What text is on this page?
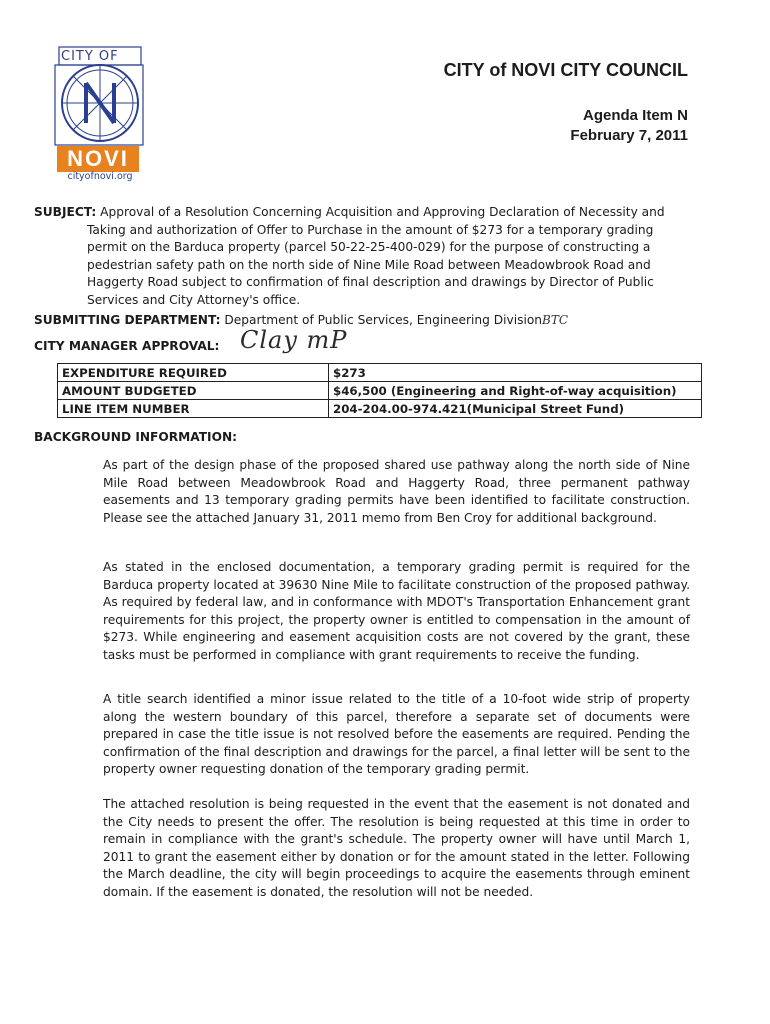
CITY OF
NOVI
cityofnovi.org
CITY of NOVI CITY COUNCIL
Agenda Item N
February 7, 2011
SUBJECT: Approval of a Resolution Concerning Acquisition and Approving Declaration of Necessity and Taking and authorization of Offer to Purchase in the amount of $273 for a temporary grading permit on the Barduca property (parcel 50-22-25-400-029) for the purpose of constructing a pedestrian safety path on the north side of Nine Mile Road between Meadowbrook Road and Haggerty Road subject to confirmation of final description and drawings by Director of Public Services and City Attorney's office.
SUBMITTING DEPARTMENT: Department of Public Services, Engineering DivisionBTC
CITY MANAGER APPROVAL: Clay mP
EXPENDITURE REQUIRED	$273
AMOUNT BUDGETED	$46,500 (Engineering and Right-of-way acquisition)
LINE ITEM NUMBER	204-204.00-974.421(Municipal Street Fund)
BACKGROUND INFORMATION:
As part of the design phase of the proposed shared use pathway along the north side of Nine Mile Road between Meadowbrook Road and Haggerty Road, three permanent pathway easements and 13 temporary grading permits have been identified to facilitate construction. Please see the attached January 31, 2011 memo from Ben Croy for additional background.
As stated in the enclosed documentation, a temporary grading permit is required for the Barduca property located at 39630 Nine Mile to facilitate construction of the proposed pathway. As required by federal law, and in conformance with MDOT's Transportation Enhancement grant requirements for this project, the property owner is entitled to compensation in the amount of $273. While engineering and easement acquisition costs are not covered by the grant, these tasks must be performed in compliance with grant requirements to receive the funding.
A title search identified a minor issue related to the title of a 10-foot wide strip of property along the western boundary of this parcel, therefore a separate set of documents were prepared in case the title issue is not resolved before the easements are required. Pending the confirmation of the final description and drawings for the parcel, a final letter will be sent to the property owner requesting donation of the temporary grading permit.
The attached resolution is being requested in the event that the easement is not donated and the City needs to present the offer. The resolution is being requested at this time in order to remain in compliance with the grant's schedule. The property owner will have until March 1, 2011 to grant the easement either by donation or for the amount stated in the letter. Following the March deadline, the city will begin proceedings to acquire the easements through eminent domain. If the easement is donated, the resolution will not be needed.
